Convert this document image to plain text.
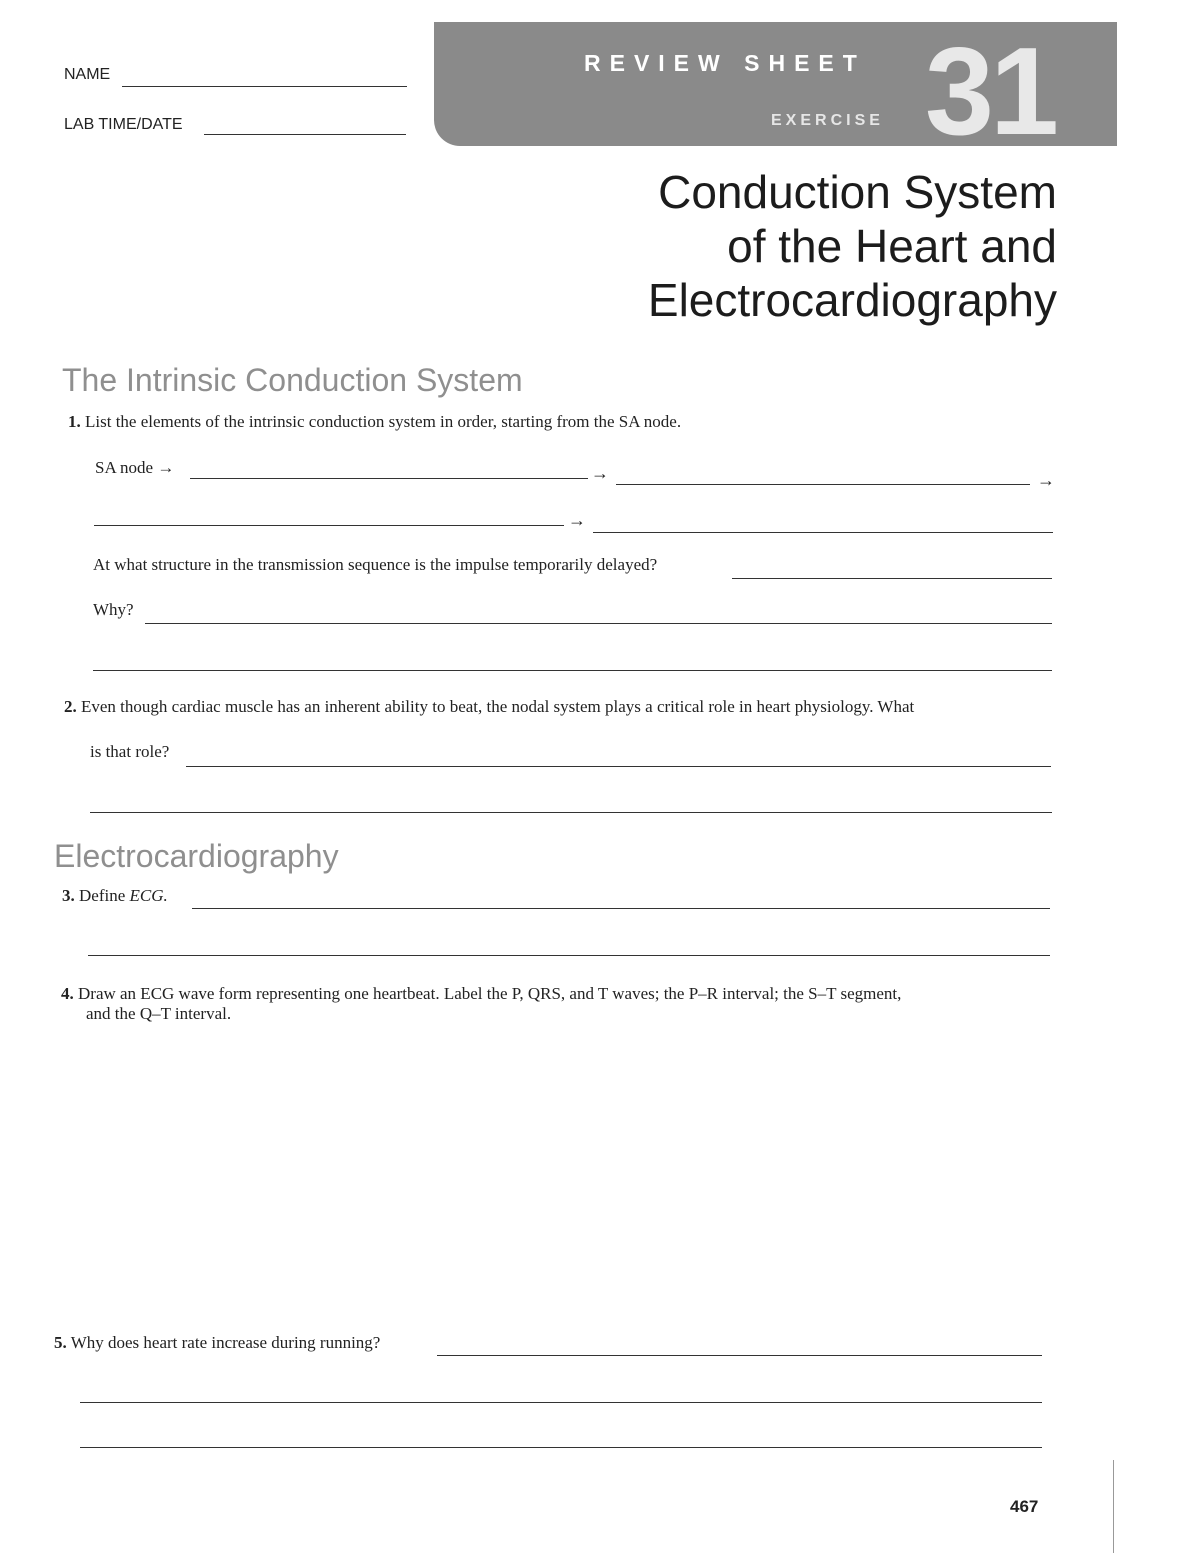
NAME
LAB TIME/DATE
REVIEW SHEET
EXERCISE 31
Conduction System
of the Heart and
Electrocardiography
The Intrinsic Conduction System
1. List the elements of the intrinsic conduction system in order, starting from the SA node.
SA node →	→	→
→
At what structure in the transmission sequence is the impulse temporarily delayed?
Why?
2. Even though cardiac muscle has an inherent ability to beat, the nodal system plays a critical role in heart physiology. What
is that role?
Electrocardiography
3. Define ECG.
4. Draw an ECG wave form representing one heartbeat. Label the P, QRS, and T waves; the P–R interval; the S–T segment,
and the Q–T interval.
5. Why does heart rate increase during running?
467
